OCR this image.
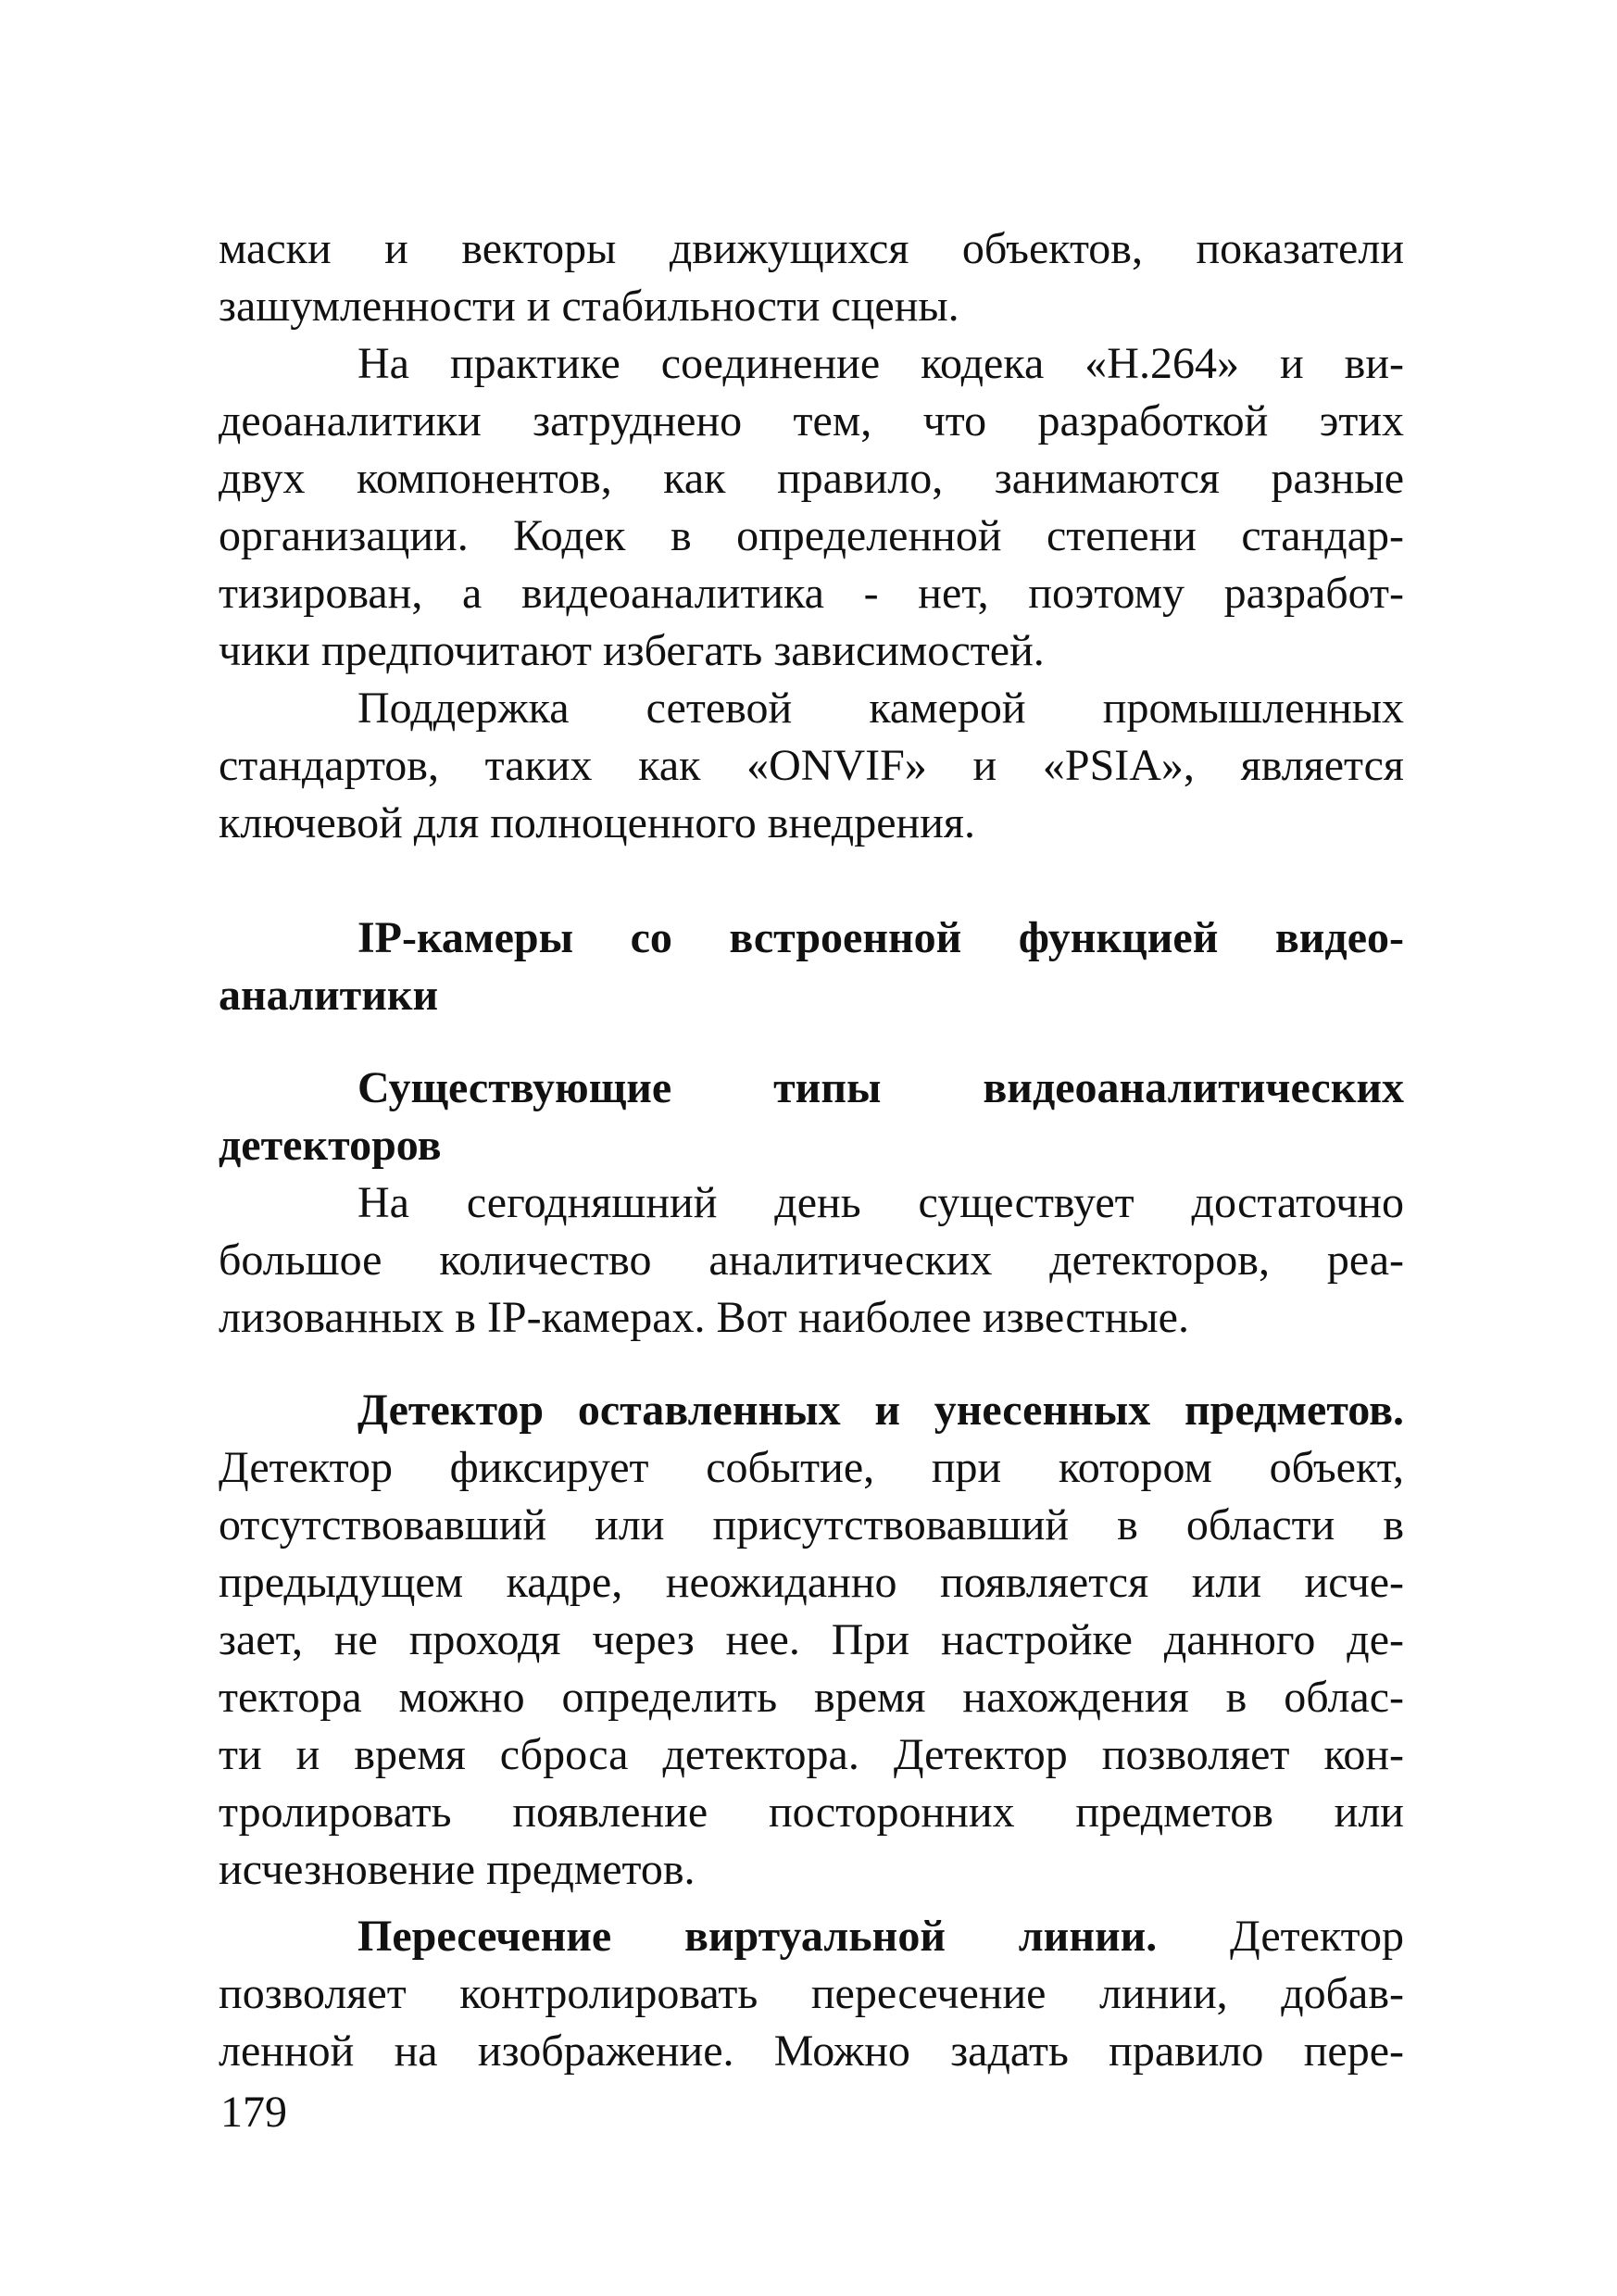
маски и векторы движущихся объектов, показатели
зашумленности и стабильности сцены.
На практике соединение кодека «H.264» и ви-
деоаналитики затруднено тем, что разработкой этих
двух компонентов, как правило, занимаются разные
организации. Кодек в определенной степени стандар-
тизирован, а видеоаналитика - нет, поэтому разработ-
чики предпочитают избегать зависимостей.
Поддержка сетевой камерой промышленных
стандартов, таких как «ONVIF» и «PSIA», является
ключевой для полноценного внедрения.
IP-камеры со встроенной функцией видео-
аналитики
Существующие типы видеоаналитических
детекторов
На сегодняшний день существует достаточно
большое количество аналитических детекторов, реа-
лизованных в IP-камерах. Вот наиболее известные.
Детектор оставленных и унесенных предметов.
Детектор фиксирует событие, при котором объект,
отсутствовавший или присутствовавший в области в
предыдущем кадре, неожиданно появляется или исче-
зает, не проходя через нее. При настройке данного де-
тектора можно определить время нахождения в облас-
ти и время сброса детектора. Детектор позволяет кон-
тролировать появление посторонних предметов или
исчезновение предметов.
Пересечение виртуальной линии. Детектор
позволяет контролировать пересечение линии, добав-
ленной на изображение. Можно задать правило пере-
179
